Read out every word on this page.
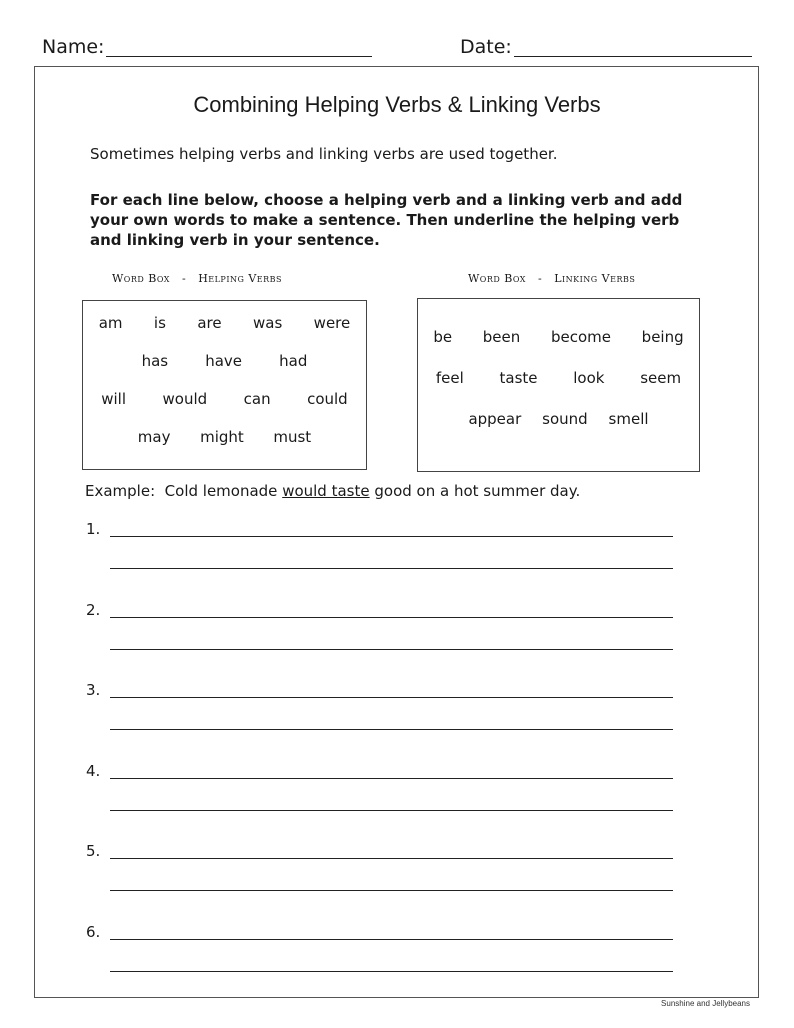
Name:	Date:
Combining Helping Verbs & Linking Verbs
Sometimes helping verbs and linking verbs are used together.
For each line below, choose a helping verb and a linking verb and add your own words to make a sentence. Then underline the helping verb and linking verb in your sentence.
Word Box   -   Helping Verbs	Word Box   -   Linking Verbs
am is are was were
has have had
will would can could
may might must
be been become being
feel taste look seem
appear sound smell
Example:  Cold lemonade would taste good on a hot summer day.
1.
2.
3.
4.
5.
6.
Sunshine and Jellybeans
